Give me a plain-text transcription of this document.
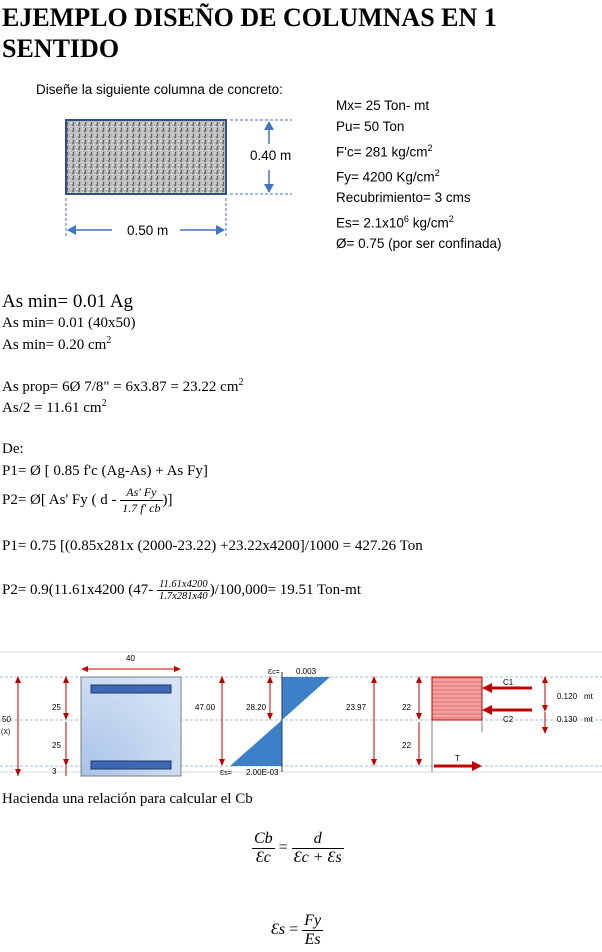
EJEMPLO DISEÑO DE COLUMNAS EN 1 SENTIDO
Diseñe la siguiente columna de concreto:
0.40 m
0.50 m
Mx= 25 Ton- mt
Pu= 50 Ton
F'c= 281 $kg/cm^2$
Fy= 4200 $Kg/cm^2$
Recubrimiento= 3 cms
$Es= 2.1x10^6$ $kg/cm^2$
Ø= 0.75 (por ser confinada)
As min= 0.01 Ag
As min= 0.01 (40x50)
As min= 0.20 $cm^2$
As prop= 6Ø 7/8" = 6x3.87 = 23.22 $cm^2$
As/2 = 11.61 $cm^2$
De:
P1= Ø [ 0.85 f'c (Ag-As) + As Fy]
P2= Ø[ As' Fy ( d - $\frac{As' Fy}{1.7 f' cb}$ )]
P1= 0.75 [(0.85x281x (2000-23.22) +23.22x4200]/1000 = 427.26 Ton
P2= 0.9(11.61x4200 $(47- \frac{11.61x4200}{1.7x281x40} )/100,000= 19.51$ Ton-mt
40
50
(X)
25
25
3
47.00	28.20
Ɛc= 0.003
Ɛs= 2.00E-03
23.97	22
22
C1
C2
T
0.120 mt
0.130 mt
Hacienda una relación para calcular el Cb
$\frac{Cb}{Ɛc} = \frac{d}{Ɛc + Ɛs}$
Ɛs = $\frac{Fy}{Es}$
